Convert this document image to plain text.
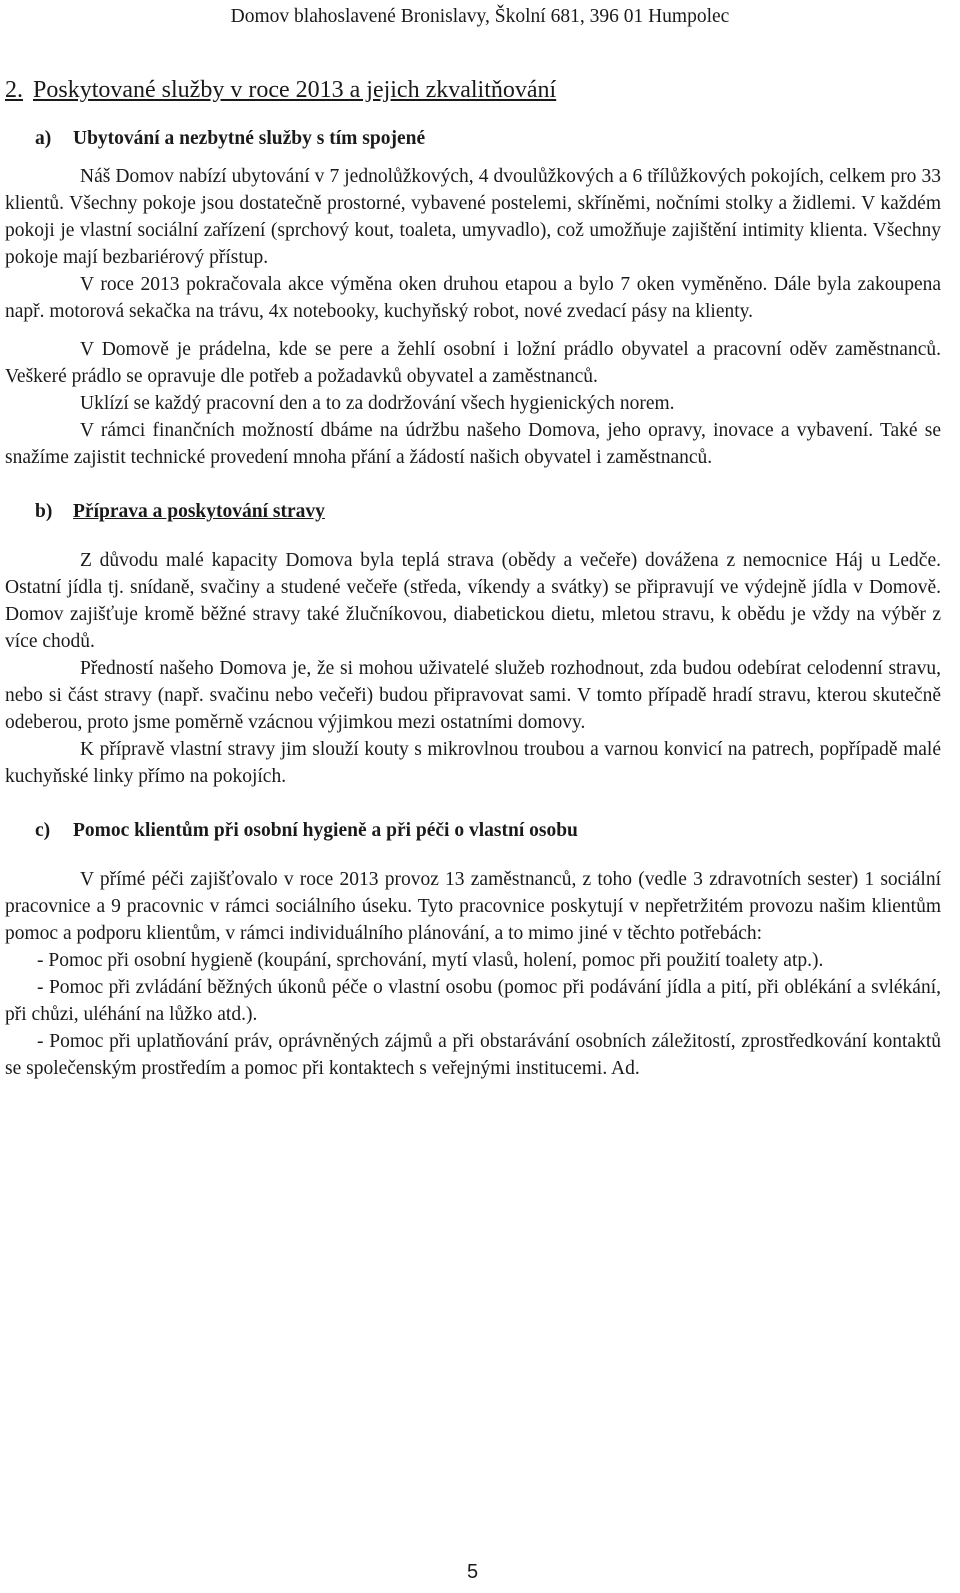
Domov blahoslavené Bronislavy, Školní 681, 396 01 Humpolec
2. Poskytované služby v roce 2013 a jejich zkvalitňování
a) Ubytování a nezbytné služby s tím spojené

Náš Domov nabízí ubytování v 7 jednolůžkových, 4 dvoulůžkových a 6 třílůžkových pokojích, celkem pro 33 klientů. Všechny pokoje jsou dostatečně prostorné, vybavené postelemi, skříněmi, nočními stolky a židlemi. V každém pokoji je vlastní sociální zařízení (sprchový kout, toaleta, umyvadlo), což umožňuje zajištění intimity klienta. Všechny pokoje mají bezbariérový přístup.

V roce 2013 pokračovala akce výměna oken druhou etapou a bylo 7 oken vyměněno. Dále byla zakoupena např. motorová sekačka na trávu, 4x notebooky, kuchyňský robot, nové zvedací pásy na klienty.

V Domově je prádelna, kde se pere a žehlí osobní i ložní prádlo obyvatel a pracovní oděv zaměstnanců. Veškeré prádlo se opravuje dle potřeb a požadavků obyvatel a zaměstnanců.

Uklízí se každý pracovní den a to za dodržování všech hygienických norem.

V rámci finančních možností dbáme na údržbu našeho Domova, jeho opravy, inovace a vybavení. Také se snažíme zajistit technické provedení mnoha přání a žádostí našich obyvatel i zaměstnanců.

b) Příprava a poskytování stravy

Z důvodu malé kapacity Domova byla teplá strava (obědy a večeře) dovážena z nemocnice Háj u Ledče. Ostatní jídla tj. snídaně, svačiny a studené večeře (středa, víkendy a svátky) se připravují ve výdejně jídla v Domově. Domov zajišťuje kromě běžné stravy také žlučníkovou, diabetickou dietu, mletou stravu, k obědu je vždy na výběr z více chodů.

Předností našeho Domova je, že si mohou uživatelé služeb rozhodnout, zda budou odebírat celodenní stravu, nebo si část stravy (např. svačinu nebo večeři) budou připravovat sami. V tomto případě hradí stravu, kterou skutečně odeberou, proto jsme poměrně vzácnou výjimkou mezi ostatními domovy.

K přípravě vlastní stravy jim slouží kouty s mikrovlnou troubou a varnou konvicí na patrech, popřípadě malé kuchyňské linky přímo na pokojích.

c) Pomoc klientům při osobní hygieně a při péči o vlastní osobu

V přímé péči zajišťovalo v roce 2013 provoz 13 zaměstnanců, z toho (vedle 3 zdravotních sester) 1 sociální pracovnice a 9 pracovnic v rámci sociálního úseku. Tyto pracovnice poskytují v nepřetržitém provozu našim klientům pomoc a podporu klientům, v rámci individuálního plánování, a to mimo jiné v těchto potřebách:

- Pomoc při osobní hygieně (koupání, sprchování, mytí vlasů, holení, pomoc při použití toalety atp.).

- Pomoc při zvládání běžných úkonů péče o vlastní osobu (pomoc při podávání jídla a pití, při oblékání a svlékání, při chůzi, uléhání na lůžko atd.).

- Pomoc při uplatňování práv, oprávněných zájmů a při obstarávání osobních záležitostí, zprostředkování kontaktů se společenským prostředím a pomoc při kontaktech s veřejnými institucemi. Ad.

5
